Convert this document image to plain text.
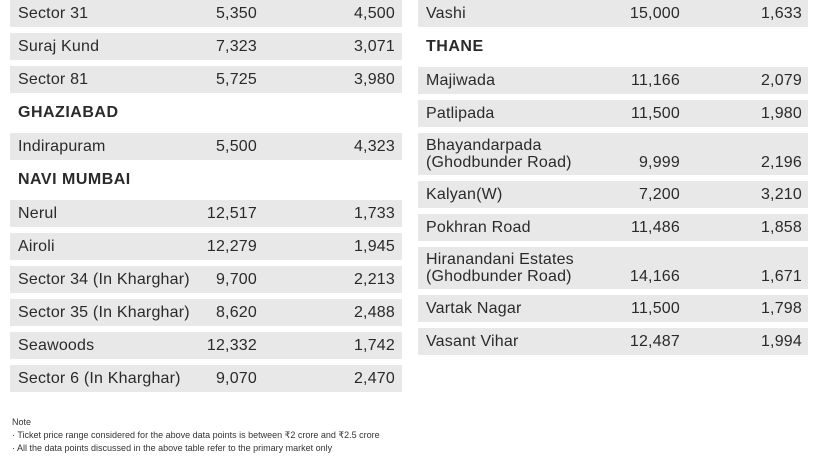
Sector 31	5,350	4,500
Suraj Kund	7,323	3,071
Sector 81	5,725	3,980
GHAZIABAD
Indirapuram	5,500	4,323
NAVI MUMBAI
Nerul	12,517	1,733
Airoli	12,279	1,945
Sector 34 (In Kharghar)	9,700	2,213
Sector 35 (In Kharghar)	8,620	2,488
Seawoods	12,332	1,742
Sector 6 (In Kharghar)	9,070	2,470
Vashi	15,000	1,633
THANE
Majiwada	11,166	2,079
Patlipada	11,500	1,980
Bhayandarpada
(Ghodbunder Road)	9,999	2,196
Kalyan(W)	7,200	3,210
Pokhran Road	11,486	1,858
Hiranandani Estates
(Ghodbunder Road)	14,166	1,671
Vartak Nagar	11,500	1,798
Vasant Vihar	12,487	1,994
Note
· Ticket price range considered for the above data points is between ₹2 crore and ₹2.5 crore
· All the data points discussed in the above table refer to the primary market only
